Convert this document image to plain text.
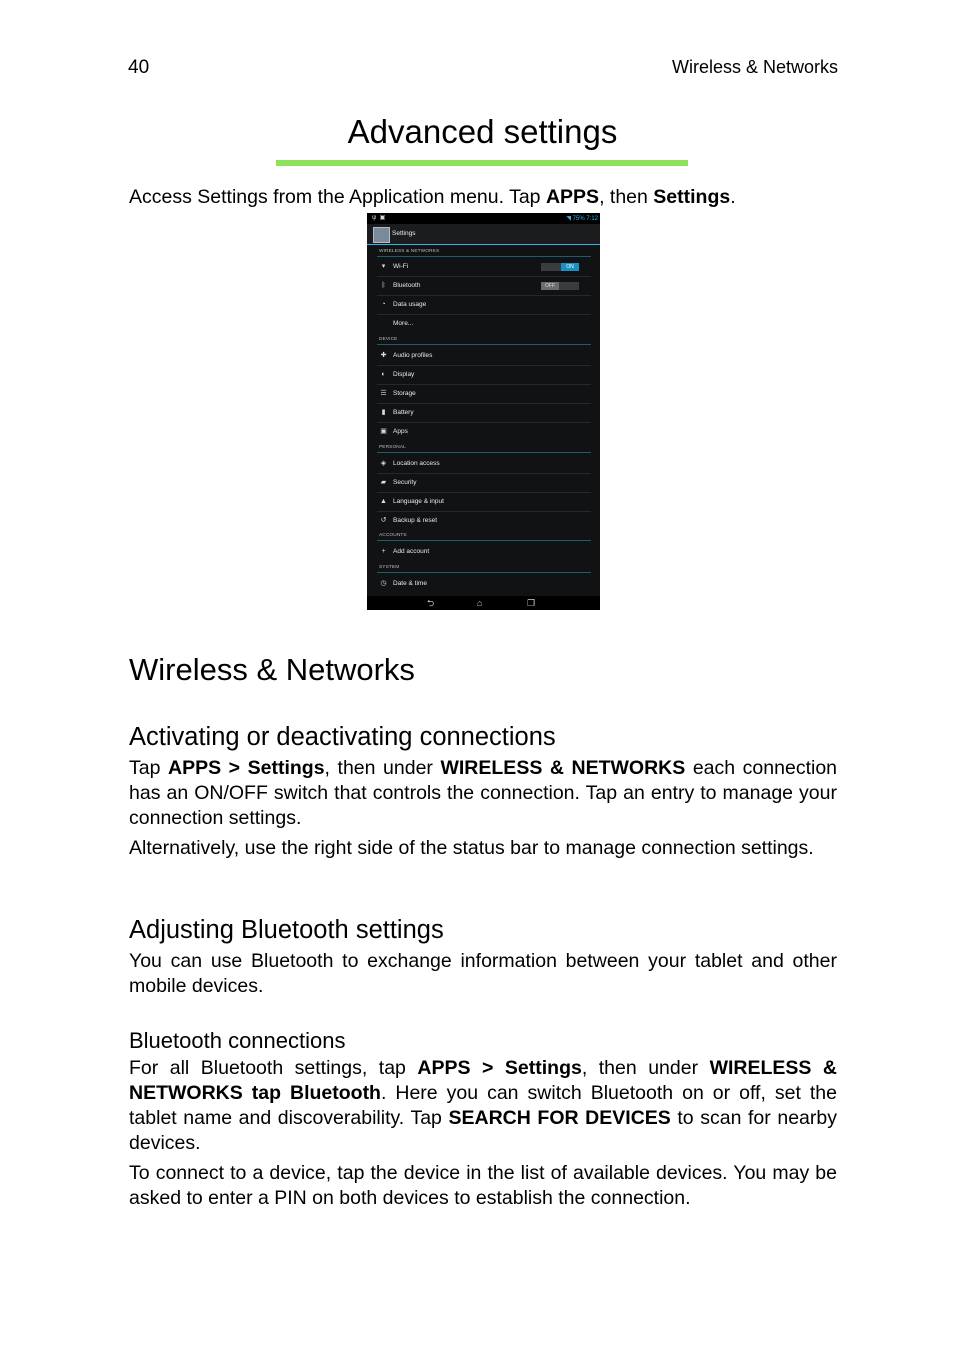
40	Wireless & Networks
Advanced settings

Access Settings from the Application menu. Tap APPS, then Settings.

ψ  ▣	◥ 75% 7:12
Settings
WIRELESS & NETWORKS
▾	Wi-Fi	ON
ᛒ	Bluetooth	OFF
◔	Data usage
More...
DEVICE
✚ Audio profiles
◐	Display
☰ Storage
▮	Battery
▣ Apps
PERSONAL
◈ Location access
▰ Security
▲ Language & input
↺ Backup & reset
ACCOUNTS
+	Add account
SYSTEM
◷ Date & time
⮌	⌂	❐
Wireless & Networks
Activating or deactivating connections

Tap APPS > Settings, then under WIRELESS & NETWORKS each connection has an ON/OFF switch that controls the connection. Tap an entry to manage your connection settings.

Alternatively, use the right side of the status bar to manage connection settings.

Adjusting Bluetooth settings

You can use Bluetooth to exchange information between your tablet and other mobile devices.

Bluetooth connections

For all Bluetooth settings, tap APPS > Settings, then under WIRELESS & NETWORKS tap Bluetooth. Here you can switch Bluetooth on or off, set the tablet name and discoverability. Tap SEARCH FOR DEVICES to scan for nearby devices.

To connect to a device, tap the device in the list of available devices. You may be asked to enter a PIN on both devices to establish the connection.
